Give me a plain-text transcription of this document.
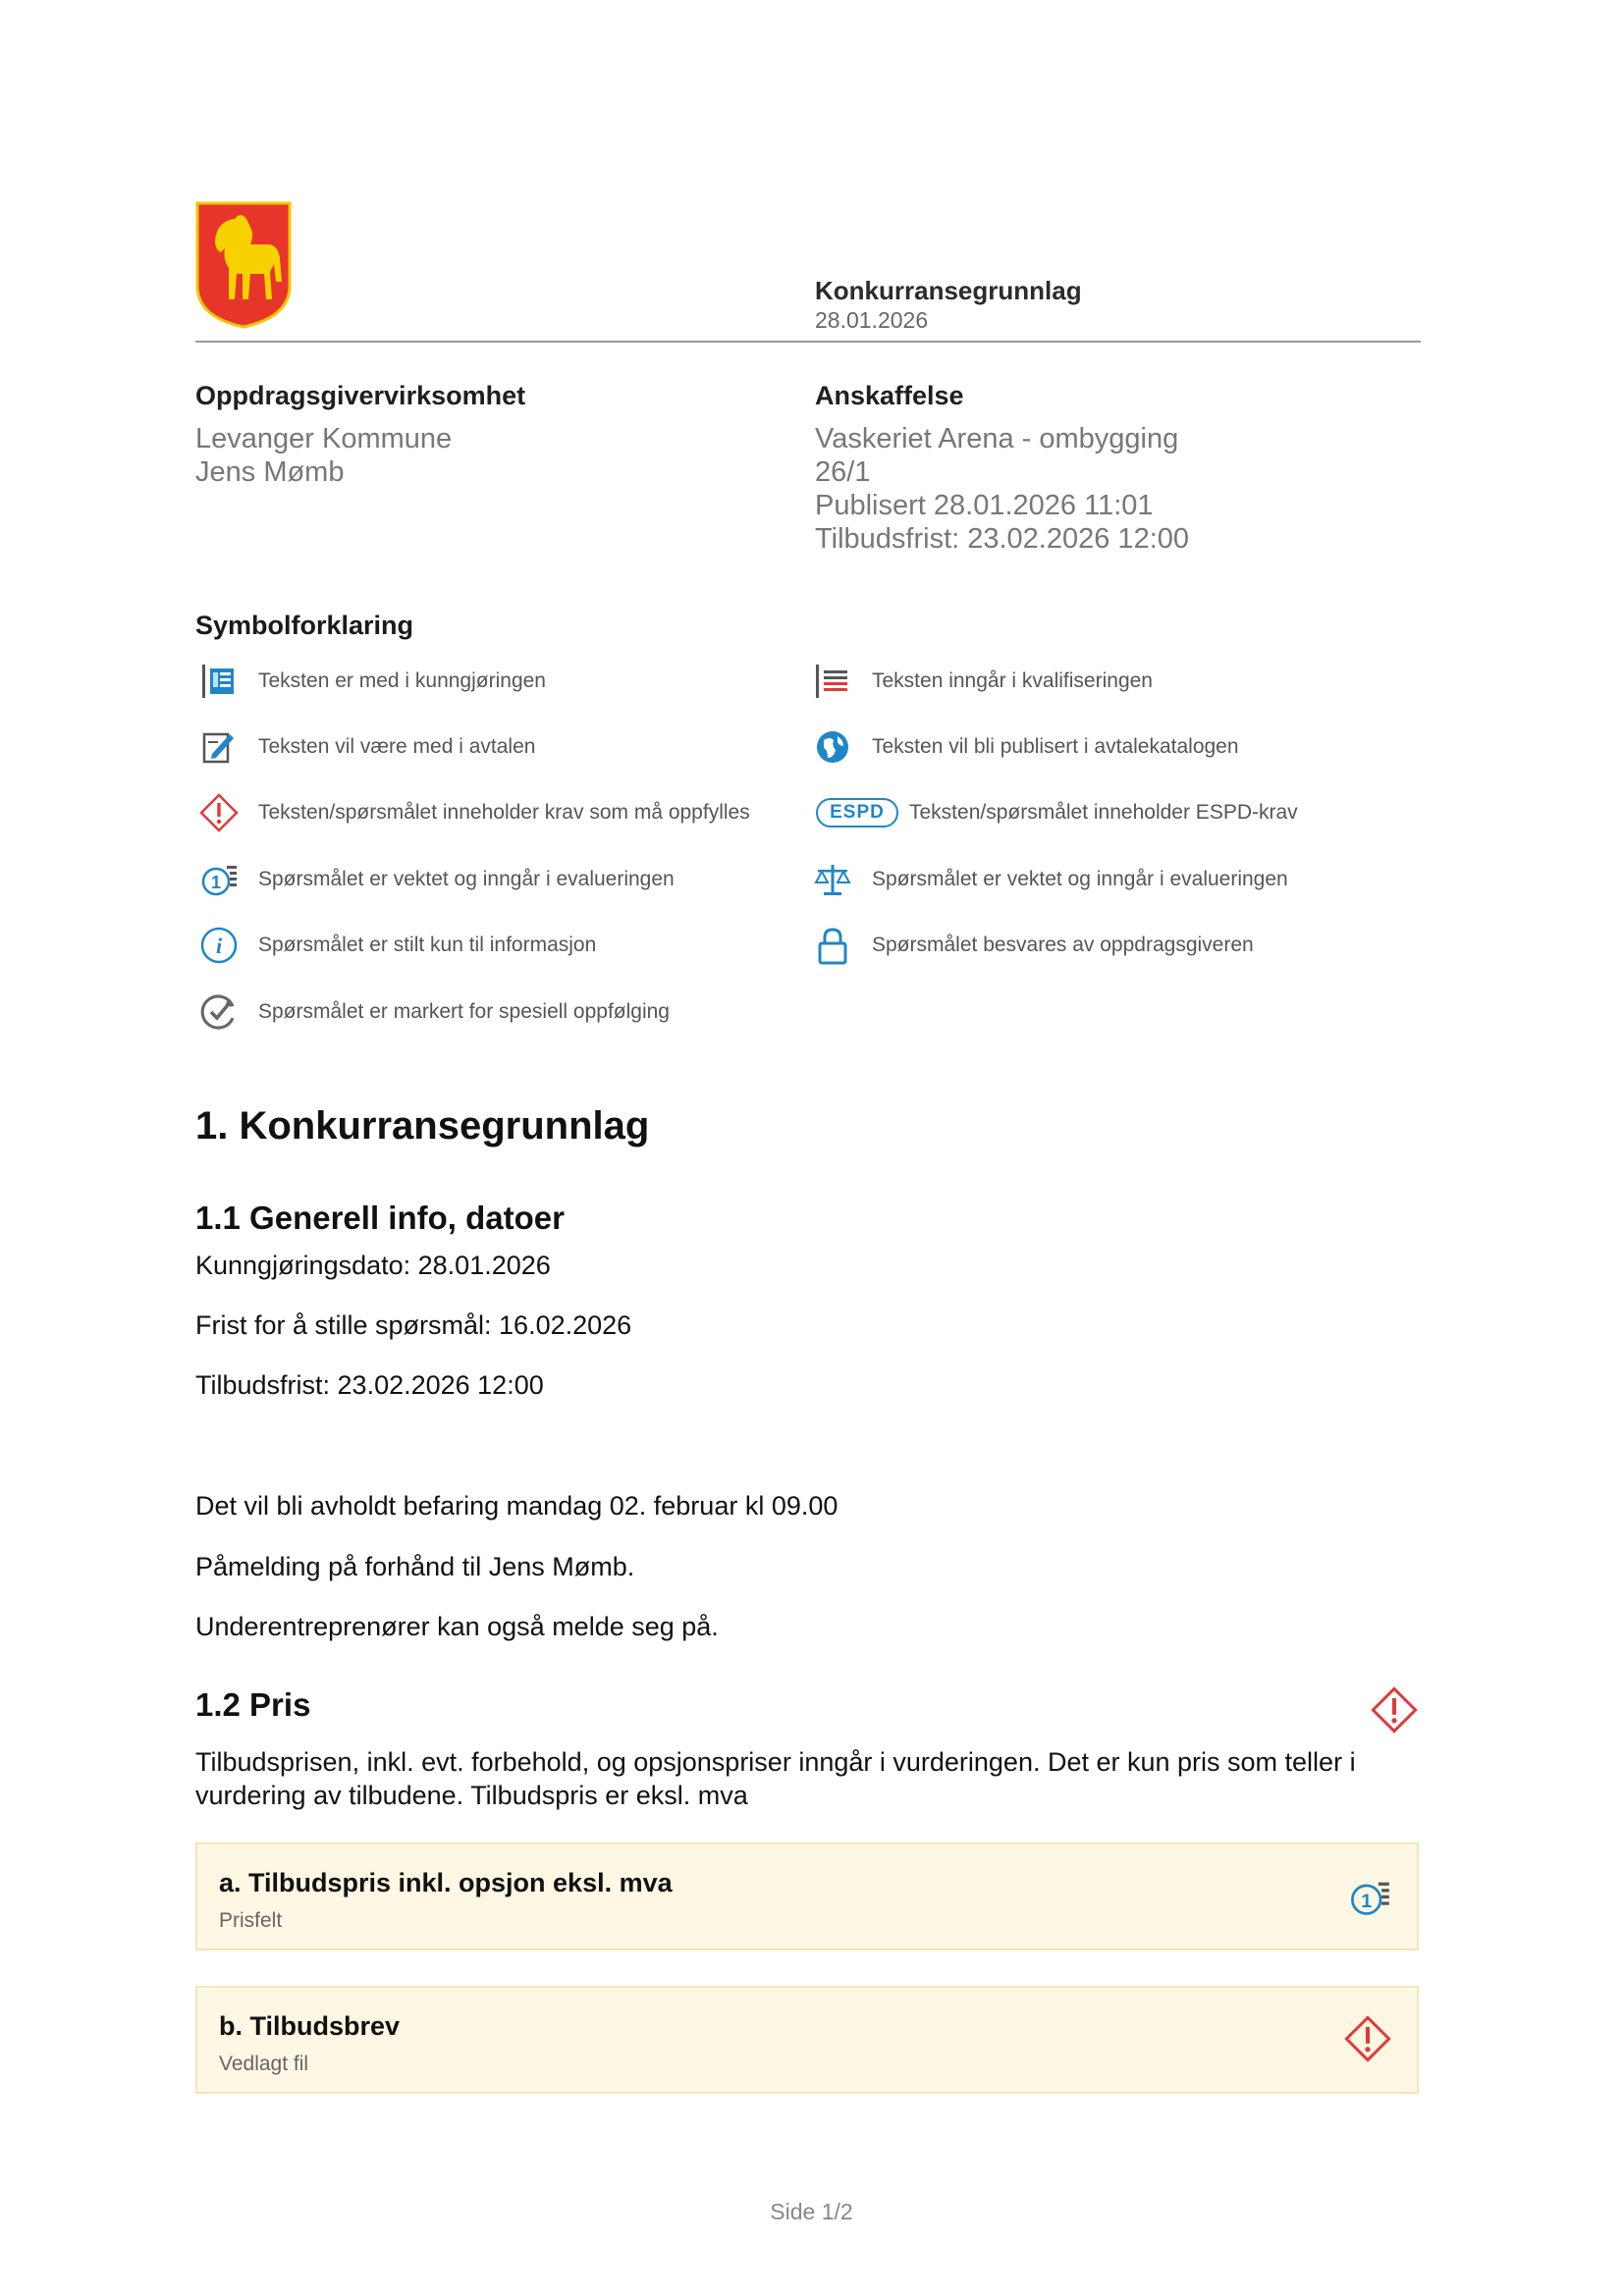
Konkurransegrunnlag
28.01.2026
Oppdragsgivervirksomhet
Levanger Kommune
Jens Mømb
Anskaffelse
Vaskeriet Arena - ombygging
26/1
Publisert 28.01.2026 11:01
Tilbudsfrist: 23.02.2026 12:00
Symbolforklaring
Teksten er med i kunngjøringen	Teksten inngår i kvalifiseringen
Teksten vil være med i avtalen	Teksten vil bli publisert i avtalekatalogen
Teksten/spørsmålet inneholder krav som må oppfylles	ESPD	Teksten/spørsmålet inneholder ESPD-krav
1 Spørsmålet er vektet og inngår i evalueringen	Spørsmålet er vektet og inngår i evalueringen
i Spørsmålet er stilt kun til informasjon	Spørsmålet besvares av oppdragsgiveren
Spørsmålet er markert for spesiell oppfølging
1. Konkurransegrunnlag
1.1 Generell info, datoer
Kunngjøringsdato: 28.01.2026
Frist for å stille spørsmål: 16.02.2026
Tilbudsfrist: 23.02.2026 12:00
Det vil bli avholdt befaring mandag 02. februar kl 09.00
Påmelding på forhånd til Jens Mømb.
Underentreprenører kan også melde seg på.
1.2 Pris
Tilbudsprisen, inkl. evt. forbehold, og opsjonspriser inngår i vurderingen. Det er kun pris som teller i vurdering av tilbudene. Tilbudspris er eksl. mva
a. Tilbudspris inkl. opsjon eksl. mva
Prisfelt
1
b. Tilbudsbrev
Vedlagt fil
Side 1/2
